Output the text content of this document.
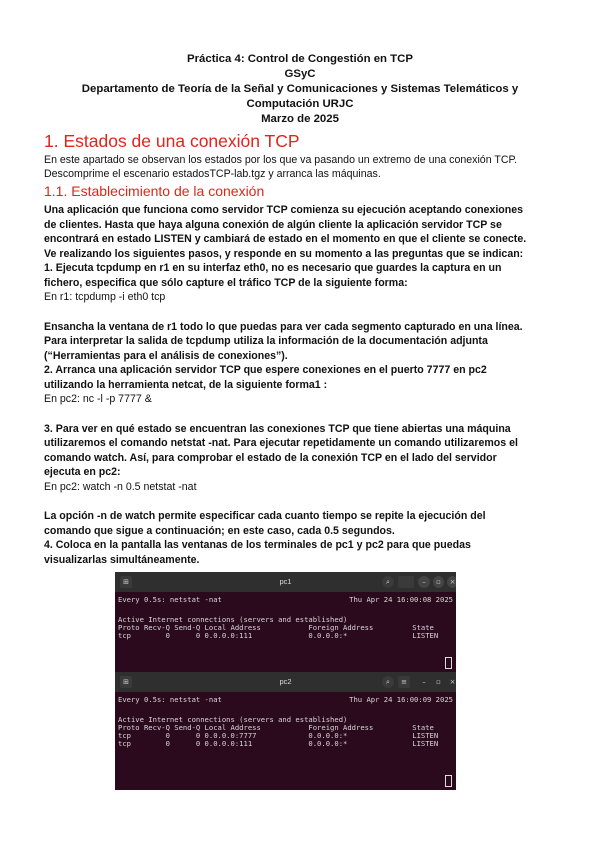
Práctica 4: Control de Congestión en TCP
GSyC
Departamento de Teoría de la Señal y Comunicaciones y Sistemas Telemáticos y
Computación URJC
Marzo de 2025
1. Estados de una conexión TCP
En este apartado se observan los estados por los que va pasando un extremo de una conexión TCP.
Descomprime el escenario estadosTCP-lab.tgz y arranca las máquinas.
1.1. Establecimiento de la conexión
Una aplicación que funciona como servidor TCP comienza su ejecución aceptando conexiones
de clientes. Hasta que haya alguna conexión de algún cliente la aplicación servidor TCP se
encontrará en estado LISTEN y cambiará de estado en el momento en que el cliente se conecte.
Ve realizando los siguientes pasos, y responde en su momento a las preguntas que se indican:
1. Ejecuta tcpdump en r1 en su interfaz eth0, no es necesario que guardes la captura en un
fichero, especifica que sólo capture el tráfico TCP de la siguiente forma:
En r1: tcpdump -i eth0 tcp
Ensancha la ventana de r1 todo lo que puedas para ver cada segmento capturado en una línea.
Para interpretar la salida de tcpdump utiliza la información de la documentación adjunta
(“Herramientas para el análisis de conexiones”).
2. Arranca una aplicación servidor TCP que espere conexiones en el puerto 7777 en pc2
utilizando la herramienta netcat, de la siguiente forma1 :
En pc2: nc -l -p 7777 &
3. Para ver en qué estado se encuentran las conexiones TCP que tiene abiertas una máquina
utilizaremos el comando netstat -nat. Para ejecutar repetidamente un comando utilizaremos el
comando watch. Así, para comprobar el estado de la conexión TCP en el lado del servidor
ejecuta en pc2:
En pc2: watch -n 0.5 netstat -nat
La opción -n de watch permite especificar cada cuanto tiempo se repite la ejecución del
comando que sigue a continuación; en este caso, cada 0.5 segundos.
4. Coloca en la pantalla las ventanas de los terminales de pc1 y pc2 para que puedas
visualizarlas simultáneamente.
⊞	pc1	⌕	–	▫	×
Every 0.5s: netstat -nat	Thu Apr 24 16:00:08 2025
Active Internet connections (servers and established)
Proto Recv-Q Send-Q Local Address           Foreign Address         State
tcp        0      0 0.0.0.0:111             0.0.0.0:*               LISTEN
⊞	pc2	⌕	≡	–	▫	×
Every 0.5s: netstat -nat	Thu Apr 24 16:00:09 2025
Active Internet connections (servers and established)
Proto Recv-Q Send-Q Local Address           Foreign Address         State
tcp        0      0 0.0.0.0:7777            0.0.0.0:*               LISTEN
tcp        0      0 0.0.0.0:111             0.0.0.0:*               LISTEN
